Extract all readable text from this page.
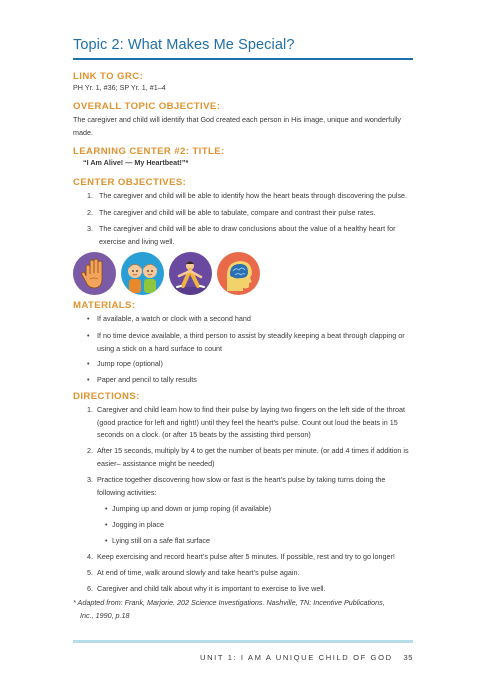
Topic 2: What Makes Me Special?
LINK TO GRC:
PH Yr. 1, #36; SP Yr. 1, #1–4
OVERALL TOPIC OBJECTIVE:
The caregiver and child will identify that God created each person in His image, unique and wonderfully
made.
LEARNING CENTER #2: TITLE:
“I Am Alive! — My Heartbeat!”*
CENTER OBJECTIVES:
1. The caregiver and child will be able to identify how the heart beats through discovering the pulse.
2. The caregiver and child will be able to tabulate, compare and contrast their pulse rates.
3. The caregiver and child will be able to draw conclusions about the value of a healthy heart for
exercise and living well.
MATERIALS:
• If available, a watch or clock with a second hand
• If no time device available, a third person to assist by steadily keeping a beat through clapping or
using a stick on a hard surface to count
• Jump rope (optional)
• Paper and pencil to tally results
DIRECTIONS:
1. Caregiver and child learn how to find their pulse by laying two fingers on the left side of the throat
(good practice for left and right!) until they feel the heart’s pulse. Count out loud the beats in 15
seconds on a clock. (or after 15 beats by the assisting third person)
2. After 15 seconds, multiply by 4 to get the number of beats per minute. (or add 4 times if addition is
easier– assistance might be needed)
3. Practice together discovering how slow or fast is the heart’s pulse by taking turns doing the
following activities:
• Jumping up and down or jump roping (if available)
• Jogging in place
• Lying still on a safe flat surface
4. Keep exercising and record heart’s pulse after 5 minutes. If possible, rest and try to go longer!
5. At end of time, walk around slowly and take heart’s pulse again.
6. Caregiver and child talk about why it is important to exercise to live well.
* Adapted from: Frank, Marjorie. 202 Science Investigations. Nashville, TN: Incentive Publications,
Inc., 1990, p.18
UNIT 1: I AM A UNIQUE CHILD OF GOD 35
